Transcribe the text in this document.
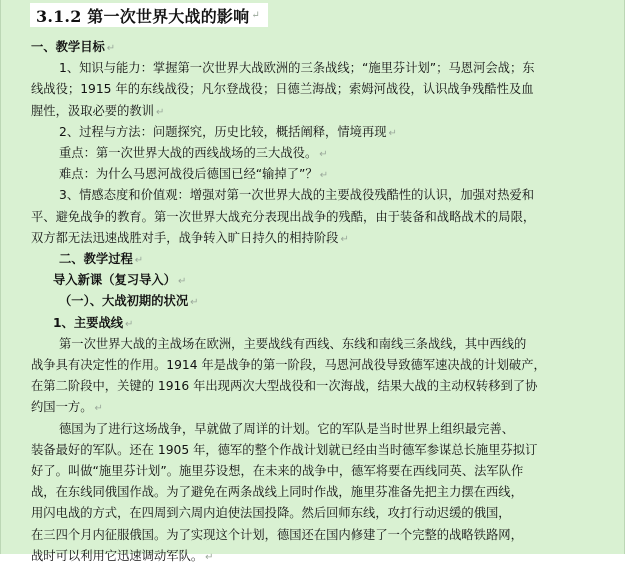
3.1.2 第一次世界大战的影响 ↵
一、教学目标 ↵
1、知识与能力：掌握第一次世界大战欧洲的三条战线；“施里芬计划”；马恩河会战；东
线战役；1915 年的东线战役；凡尔登战役；日德兰海战；索姆河战役，认识战争残酷性及血
腥性，汲取必要的教训 ↵
2、过程与方法：问题探究，历史比较，概括阐释，情境再现 ↵
重点：第一次世界大战的西线战场的三大战役。 ↵
难点：为什么马恩河战役后德国已经“输掉了”？ ↵
3、情感态度和价值观：增强对第一次世界大战的主要战役残酷性的认识，加强对热爱和
平、避免战争的教育。第一次世界大战充分表现出战争的残酷，由于装备和战略战术的局限，
双方都无法迅速战胜对手，战争转入旷日持久的相持阶段 ↵
二、教学过程 ↵
导入新课（复习导入） ↵
（一）、大战初期的状况 ↵
1、主要战线 ↵
第一次世界大战的主战场在欧洲，主要战线有西线、东线和南线三条战线，其中西线的
战争具有决定性的作用。1914 年是战争的第一阶段，马恩河战役导致德军速决战的计划破产，
在第二阶段中，关键的 1916 年出现两次大型战役和一次海战，结果大战的主动权转移到了协
约国一方。 ↵
德国为了进行这场战争，早就做了周详的计划。它的军队是当时世界上组织最完善、
装备最好的军队。还在 1905 年，德军的整个作战计划就已经由当时德军参谋总长施里芬拟订
好了。叫做“施里芬计划”。施里芬设想，在未来的战争中，德军将要在西线同英、法军队作
战，在东线同俄国作战。为了避免在两条战线上同时作战，施里芬准备先把主力摆在西线，
用闪电战的方式，在四周到六周内迫使法国投降。然后回师东线，攻打行动迟缓的俄国，
在三四个月内征服俄国。为了实现这个计划，德国还在国内修建了一个完整的战略铁路网，
战时可以利用它迅速调动军队。 ↵
